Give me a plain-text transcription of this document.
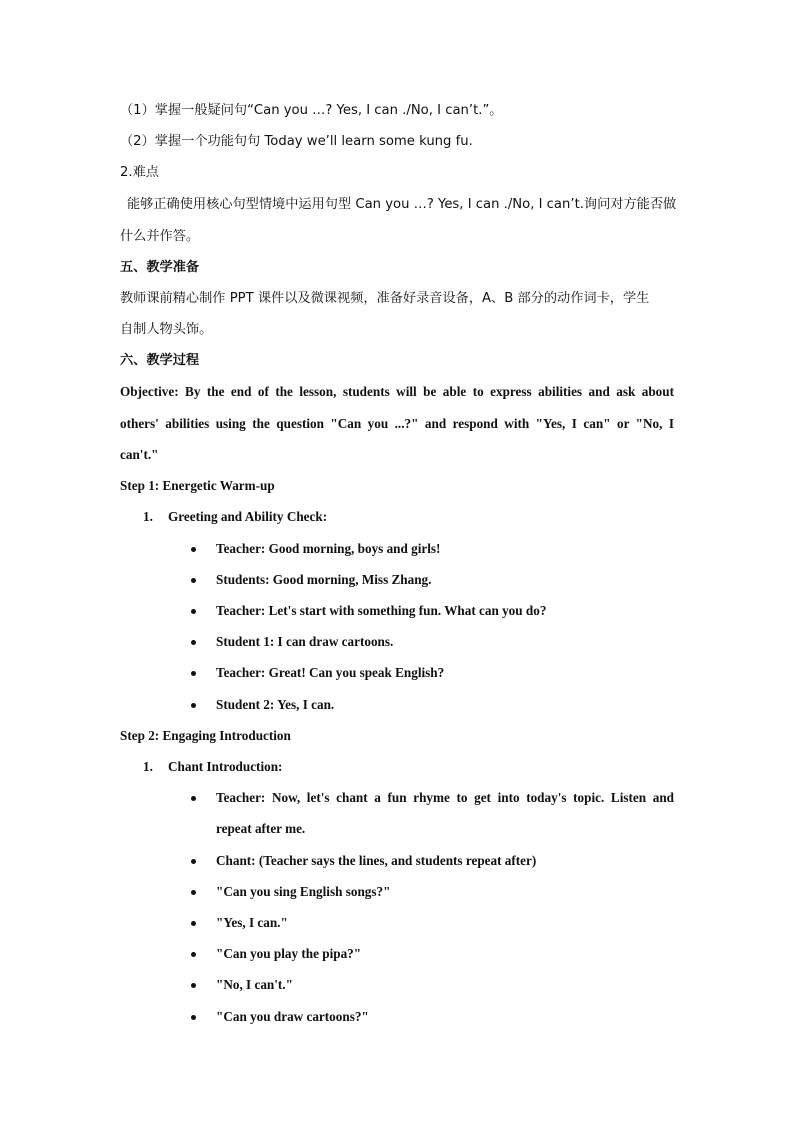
（1）掌握一般疑问句“Can you …? Yes, I can ./No, I can’t.”。
（2）掌握一个功能句句 Today we’ll learn some kung fu.
2.难点
能够正确使用核心句型情境中运用句型 Can you …? Yes, I can ./No, I can’t.询问对方能否做
什么并作答。
五、教学准备
教师课前精心制作 PPT 课件以及微课视频，准备好录音设备，A、B 部分的动作词卡，学生
自制人物头饰。
六、教学过程
Objective: By the end of the lesson, students will be able to express abilities and ask about
others' abilities using the question "Can you ...?" and respond with "Yes, I can" or "No, I
can't."
Step 1: Energetic Warm-up
1. Greeting and Ability Check:
Teacher: Good morning, boys and girls!
Students: Good morning, Miss Zhang.
Teacher: Let's start with something fun. What can you do?
Student 1: I can draw cartoons.
Teacher: Great! Can you speak English?
Student 2: Yes, I can.
Step 2: Engaging Introduction
1. Chant Introduction:
Teacher: Now, let's chant a fun rhyme to get into today's topic. Listen and
repeat after me.
Chant: (Teacher says the lines, and students repeat after)
"Can you sing English songs?"
"Yes, I can."
"Can you play the pipa?"
"No, I can't."
"Can you draw cartoons?"
